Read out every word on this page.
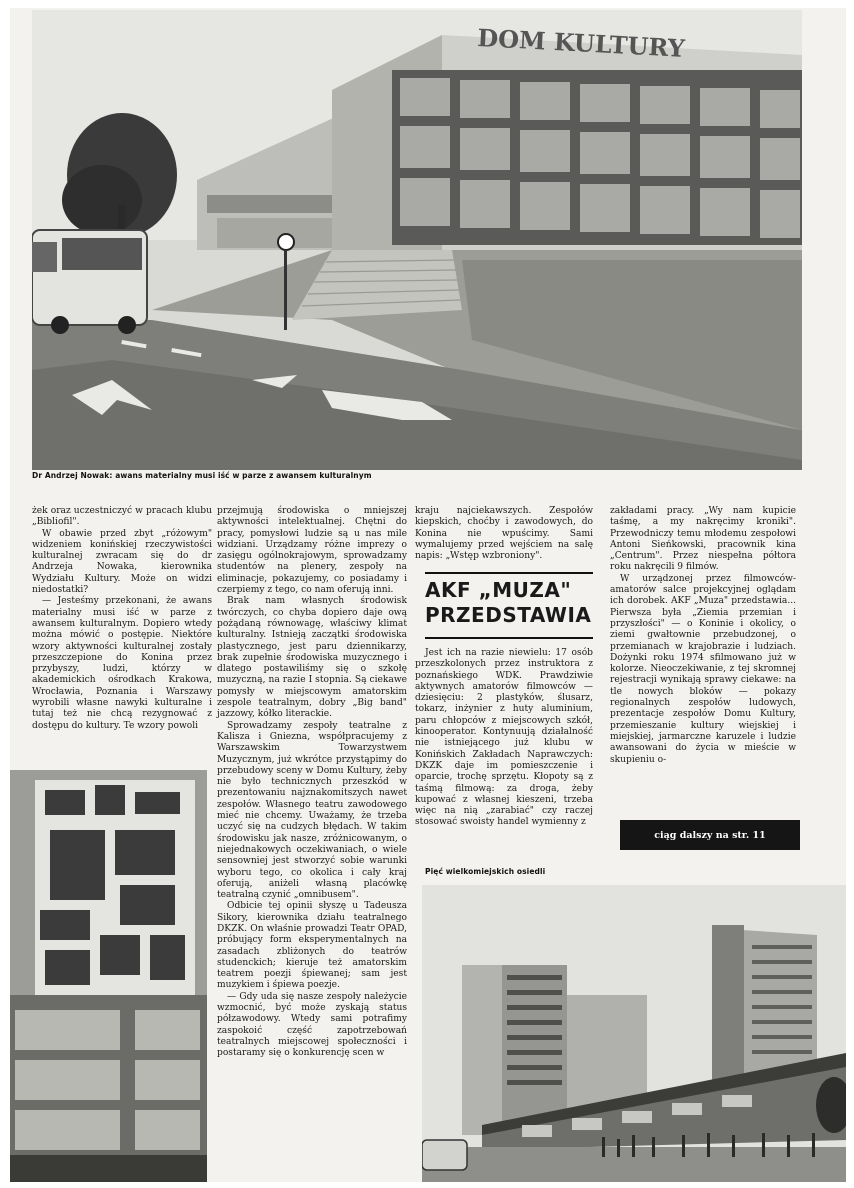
DOM KULTURY
Dr Andrzej Nowak: awans materialny musi iść w parze z awansem kulturalnym

żek oraz uczestniczyć w pracach klubu „Bibliofil".

W obawie przed zbyt „różowym" widzeniem konińskiej rzeczywistości kulturalnej zwracam się do dr Andrzeja Nowaka, kierownika Wydziału Kultury. Może on widzi niedostatki?

— Jesteśmy przekonani, że awans materialny musi iść w parze z awansem kulturalnym. Dopiero wtedy można mówić o postępie. Niektóre wzory aktywności kulturalnej zostały przeszczepione do Konina przez przybyszy, ludzi, którzy w akademickich ośrodkach Krakowa, Wrocławia, Poznania i Warszawy wyrobili własne nawyki kulturalne i tutaj też nie chcą rezygnować z dostępu do kultury. Te wzory powoli

przejmują środowiska o mniejszej aktywności intelektualnej. Chętni do pracy, pomysłowi ludzie są u nas mile widziani. Urządzamy różne imprezy o zasięgu ogólnokrajowym, sprowadzamy studentów na plenery, zespoły na eliminacje, pokazujemy, co posiadamy i czerpiemy z tego, co nam oferują inni.

Brak nam własnych środowisk twórczych, co chyba dopiero daje ową pożądaną równowagę, właściwy klimat kulturalny. Istnieją zaczątki środowiska plastycznego, jest paru dziennikarzy, brak zupełnie środowiska muzycznego i dlatego postawiliśmy się o szkołę muzyczną, na razie I stopnia. Są ciekawe pomysły w miejscowym amatorskim zespole teatralnym, dobry „Big band" jazzowy, kółko literackie.

Sprowadzamy zespoły teatralne z Kalisza i Gniezna, współpracujemy z Warszawskim Towarzystwem Muzycznym, już wkrótce przystąpimy do przebudowy sceny w Domu Kultury, żeby nie było technicznych przeszkód w prezentowaniu najznakomitszych nawet zespołów. Własnego teatru zawodowego mieć nie chcemy. Uważamy, że trzeba uczyć się na cudzych błędach. W takim środowisku jak nasze, zróżnicowanym, o niejednakowych oczekiwaniach, o wiele sensowniej jest stworzyć sobie warunki wyboru tego, co okolica i cały kraj oferują, aniżeli własną placówkę teatralną czynić „omnibusem".

Odbicie tej opinii słyszę u Tadeusza Sikory, kierownika działu teatralnego DKZK. On właśnie prowadzi Teatr OPAD, próbujący form eksperymentalnych na zasadach zbliżonych do teatrów studenckich; kieruje też amatorskim teatrem poezji śpiewanej; sam jest muzykiem i śpiewa poezje.

— Gdy uda się nasze zespoły należycie wzmocnić, być może zyskają status półzawodowy. Wtedy sami potrafimy zaspokoić część zapotrzebowań teatralnych miejscowej społeczności i postaramy się o konkurencję scen w

kraju najciekawszych. Zespołów kiepskich, choćby i zawodowych, do Konina nie wpuścimy. Sami wymalujemy przed wejściem na salę napis: „Wstęp wzbroniony".

AKF „MUZA"
PRZEDSTAWIA

Jest ich na razie niewielu: 17 osób przeszkolonych przez instruktora z poznańskiego WDK. Prawdziwie aktywnych amatorów filmowców — dziesięciu: 2 plastyków, ślusarz, tokarz, inżynier z huty aluminium, paru chłopców z miejscowych szkół, kinooperator. Kontynuują działalność nie istniejącego już klubu w Konińskich Zakładach Naprawczych: DKZK daje im pomieszczenie i oparcie, trochę sprzętu. Kłopoty są z taśmą filmową: za droga, żeby kupować z własnej kieszeni, trzeba więc na nią „zarabiać" czy raczej stosować swoisty handel wymienny z

zakładami pracy. „Wy nam kupicie taśmę, a my nakręcimy kroniki". Przewodniczy temu młodemu zespołowi Antoni Sieńkowski, pracownik kina „Centrum". Przez niespełna półtora roku nakręcili 9 filmów.

W urządzonej przez filmowców-amatorów salce projekcyjnej oglądam ich dorobek. AKF „Muza" przedstawia... Pierwsza była „Ziemia przemian i przyszłości" — o Koninie i okolicy, o ziemi gwałtownie przebudzonej, o przemianach w krajobrazie i ludziach. Dożynki roku 1974 sfilmowano już w kolorze. Nieoczekiwanie, z tej skromnej rejestracji wynikają sprawy ciekawe: na tle nowych bloków — pokazy regionalnych zespołów ludowych, prezentacje zespołów Domu Kultury, przemieszanie kultury wiejskiej i miejskiej, jarmarczne karuzele i ludzie awansowani do życia w mieście w skupieniu o-

ciąg dalszy na str. 11
Pięć wielkomiejskich osiedli
